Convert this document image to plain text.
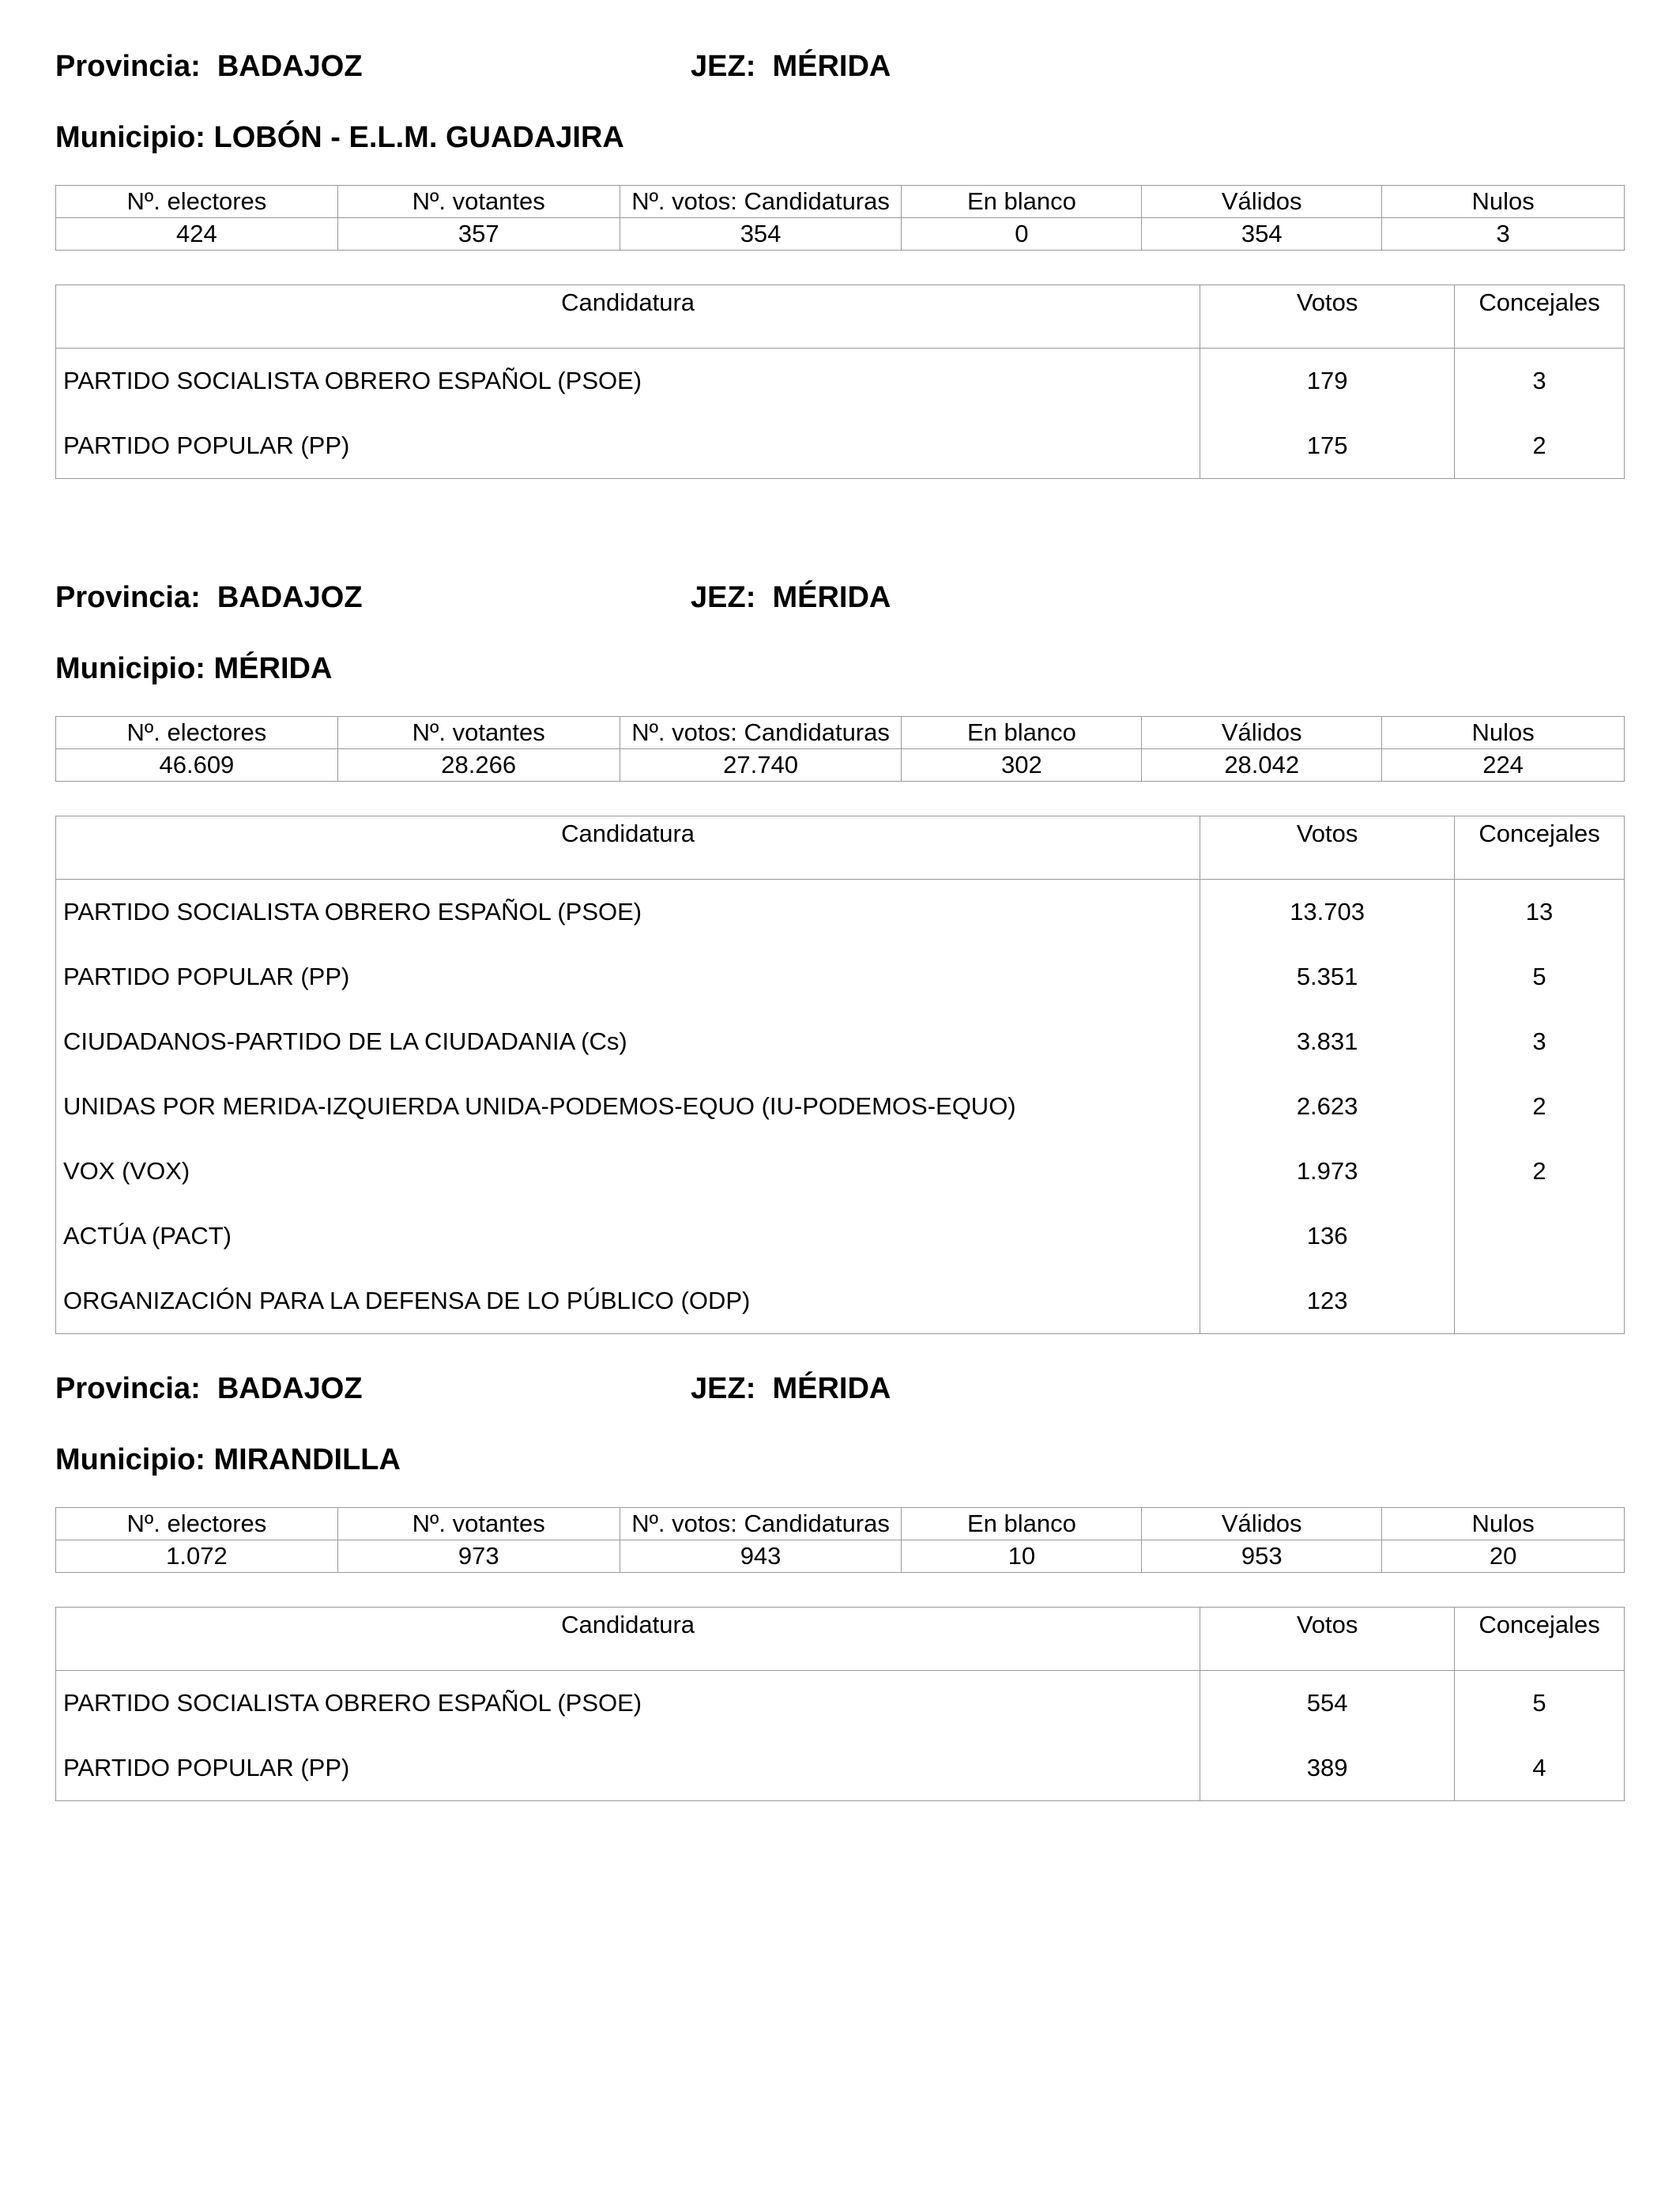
Provincia: BADAJOZ	JEZ: MÉRIDA
Municipio: LOBÓN - E.L.M. GUADAJIRA
Nº. electores	Nº. votantes	Nº. votos: Candidaturas	En blanco	Válidos	Nulos
424	357	354	0	354	3
Candidatura	Votos	Concejales
PARTIDO SOCIALISTA OBRERO ESPAÑOL (PSOE)	179	3
PARTIDO POPULAR (PP)	175	2
Provincia: BADAJOZ	JEZ: MÉRIDA
Municipio: MÉRIDA
Nº. electores	Nº. votantes	Nº. votos: Candidaturas	En blanco	Válidos	Nulos
46.609	28.266	27.740	302	28.042	224
Candidatura	Votos	Concejales
PARTIDO SOCIALISTA OBRERO ESPAÑOL (PSOE)	13.703	13
PARTIDO POPULAR (PP)	5.351	5
CIUDADANOS-PARTIDO DE LA CIUDADANIA (Cs)	3.831	3
UNIDAS POR MERIDA-IZQUIERDA UNIDA-PODEMOS-EQUO (IU-PODEMOS-EQUO)	2.623	2
VOX (VOX)	1.973	2
ACTÚA (PACT)	136	
ORGANIZACIÓN PARA LA DEFENSA DE LO PÚBLICO (ODP)	123	
Provincia: BADAJOZ	JEZ: MÉRIDA
Municipio: MIRANDILLA
Nº. electores	Nº. votantes	Nº. votos: Candidaturas	En blanco	Válidos	Nulos
1.072	973	943	10	953	20
Candidatura	Votos	Concejales
PARTIDO SOCIALISTA OBRERO ESPAÑOL (PSOE)	554	5
PARTIDO POPULAR (PP)	389	4
